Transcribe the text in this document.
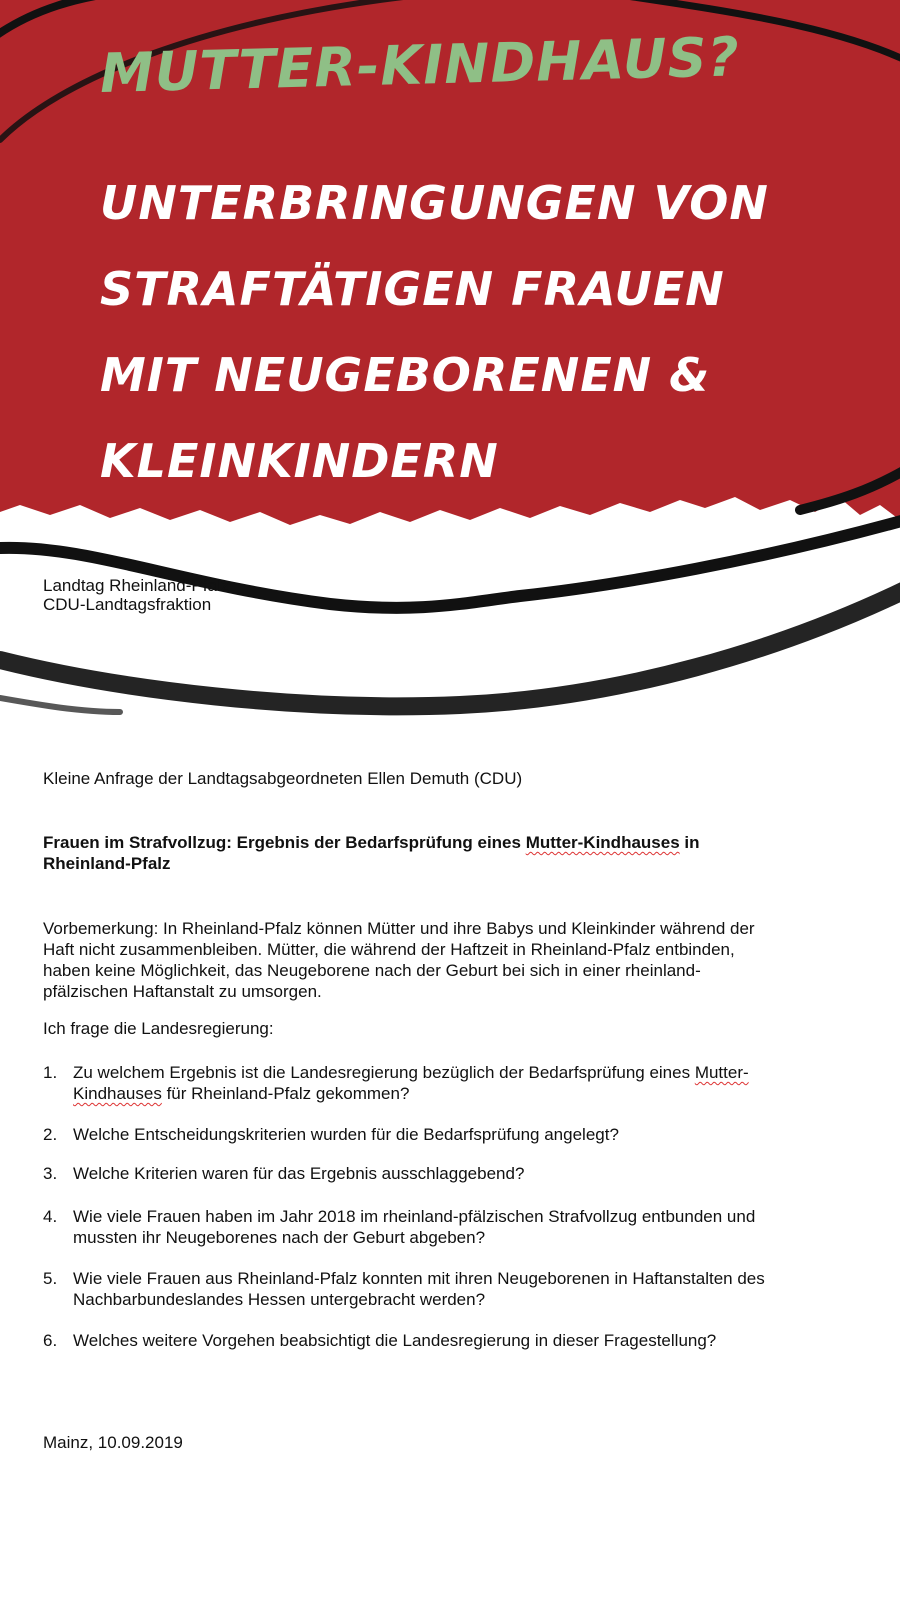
MUTTER-KINDHAUS?
UNTERBRINGUNGEN VON
STRAFTÄTIGEN FRAUEN
MIT NEUGEBORENEN &
KLEINKINDERN
Landtag Rheinland-Pfalz
CDU-Landtagsfraktion
Kleine Anfrage der Landtagsabgeordneten Ellen Demuth (CDU)
Frauen im Strafvollzug: Ergebnis der Bedarfsprüfung eines Mutter-Kindhauses in
Rheinland-Pfalz
Vorbemerkung: In Rheinland-Pfalz können Mütter und ihre Babys und Kleinkinder während der
Haft nicht zusammenbleiben. Mütter, die während der Haftzeit in Rheinland-Pfalz entbinden,
haben keine Möglichkeit, das Neugeborene nach der Geburt bei sich in einer rheinland-
pfälzischen Haftanstalt zu umsorgen.
Ich frage die Landesregierung:
1. Zu welchem Ergebnis ist die Landesregierung bezüglich der Bedarfsprüfung eines Mutter-
Kindhauses für Rheinland-Pfalz gekommen?
2. Welche Entscheidungskriterien wurden für die Bedarfsprüfung angelegt?
3. Welche Kriterien waren für das Ergebnis ausschlaggebend?
4. Wie viele Frauen haben im Jahr 2018 im rheinland-pfälzischen Strafvollzug entbunden und
mussten ihr Neugeborenes nach der Geburt abgeben?
5. Wie viele Frauen aus Rheinland-Pfalz konnten mit ihren Neugeborenen in Haftanstalten des
Nachbarbundeslandes Hessen untergebracht werden?
6. Welches weitere Vorgehen beabsichtigt die Landesregierung in dieser Fragestellung?
Mainz, 10.09.2019
